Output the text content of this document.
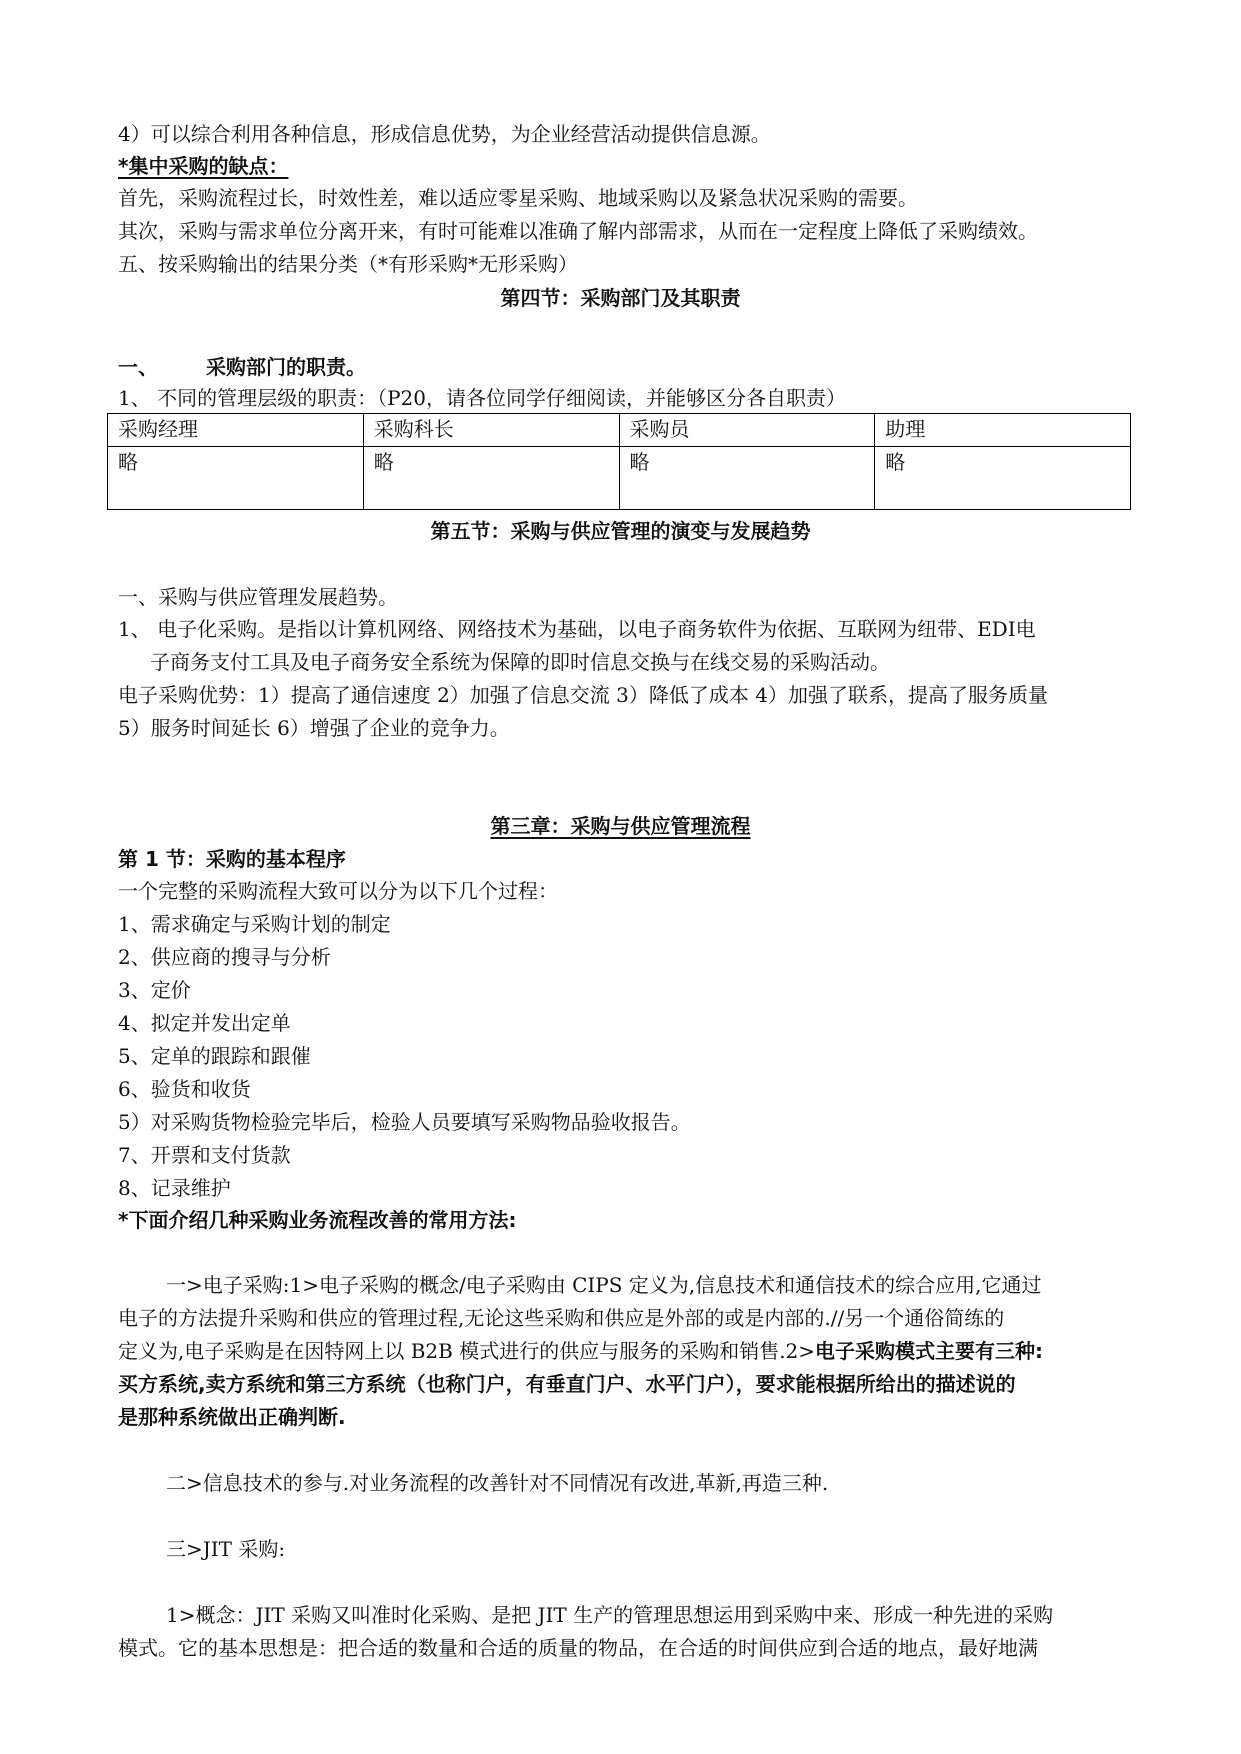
4）可以综合利用各种信息，形成信息优势，为企业经营活动提供信息源。
*集中采购的缺点：
首先，采购流程过长，时效性差，难以适应零星采购、地域采购以及紧急状况采购的需要。
其次，采购与需求单位分离开来，有时可能难以准确了解内部需求，从而在一定程度上降低了采购绩效。
五、按采购输出的结果分类（*有形采购*无形采购）
第四节：采购部门及其职责
一、 采购部门的职责。
1、 不同的管理层级的职责：（P20，请各位同学仔细阅读，并能够区分各自职责）
采购经理	采购科长	采购员	助理
略	略	略	略
第五节：采购与供应管理的演变与发展趋势
一、采购与供应管理发展趋势。
1、 电子化采购。是指以计算机网络、网络技术为基础，以电子商务软件为依据、互联网为纽带、EDI电
子商务支付工具及电子商务安全系统为保障的即时信息交换与在线交易的采购活动。
电子采购优势：1）提高了通信速度 2）加强了信息交流 3）降低了成本 4）加强了联系，提高了服务质量
5）服务时间延长 6）增强了企业的竞争力。
第三章：采购与供应管理流程
第 1 节：采购的基本程序
一个完整的采购流程大致可以分为以下几个过程：
1、需求确定与采购计划的制定
2、供应商的搜寻与分析
3、定价
4、拟定并发出定单
5、定单的跟踪和跟催
6、验货和收货
5）对采购货物检验完毕后，检验人员要填写采购物品验收报告。
7、开票和支付货款
8、记录维护
*下面介绍几种采购业务流程改善的常用方法:
一>电子采购:1>电子采购的概念/电子采购由 CIPS 定义为,信息技术和通信技术的综合应用,它通过
电子的方法提升采购和供应的管理过程,无论这些采购和供应是外部的或是内部的.//另一个通俗简练的
定义为,电子采购是在因特网上以 B2B 模式进行的供应与服务的采购和销售.2>电子采购模式主要有三种:
买方系统,卖方系统和第三方系统（也称门户，有垂直门户、水平门户），要求能根据所给出的描述说的
是那种系统做出正确判断.
二>信息技术的参与.对业务流程的改善针对不同情况有改进,革新,再造三种.
三>JIT 采购:
1>概念：JIT 采购又叫准时化采购、是把 JIT 生产的管理思想运用到采购中来、形成一种先进的采购
模式。它的基本思想是：把合适的数量和合适的质量的物品，在合适的时间供应到合适的地点，最好地满
